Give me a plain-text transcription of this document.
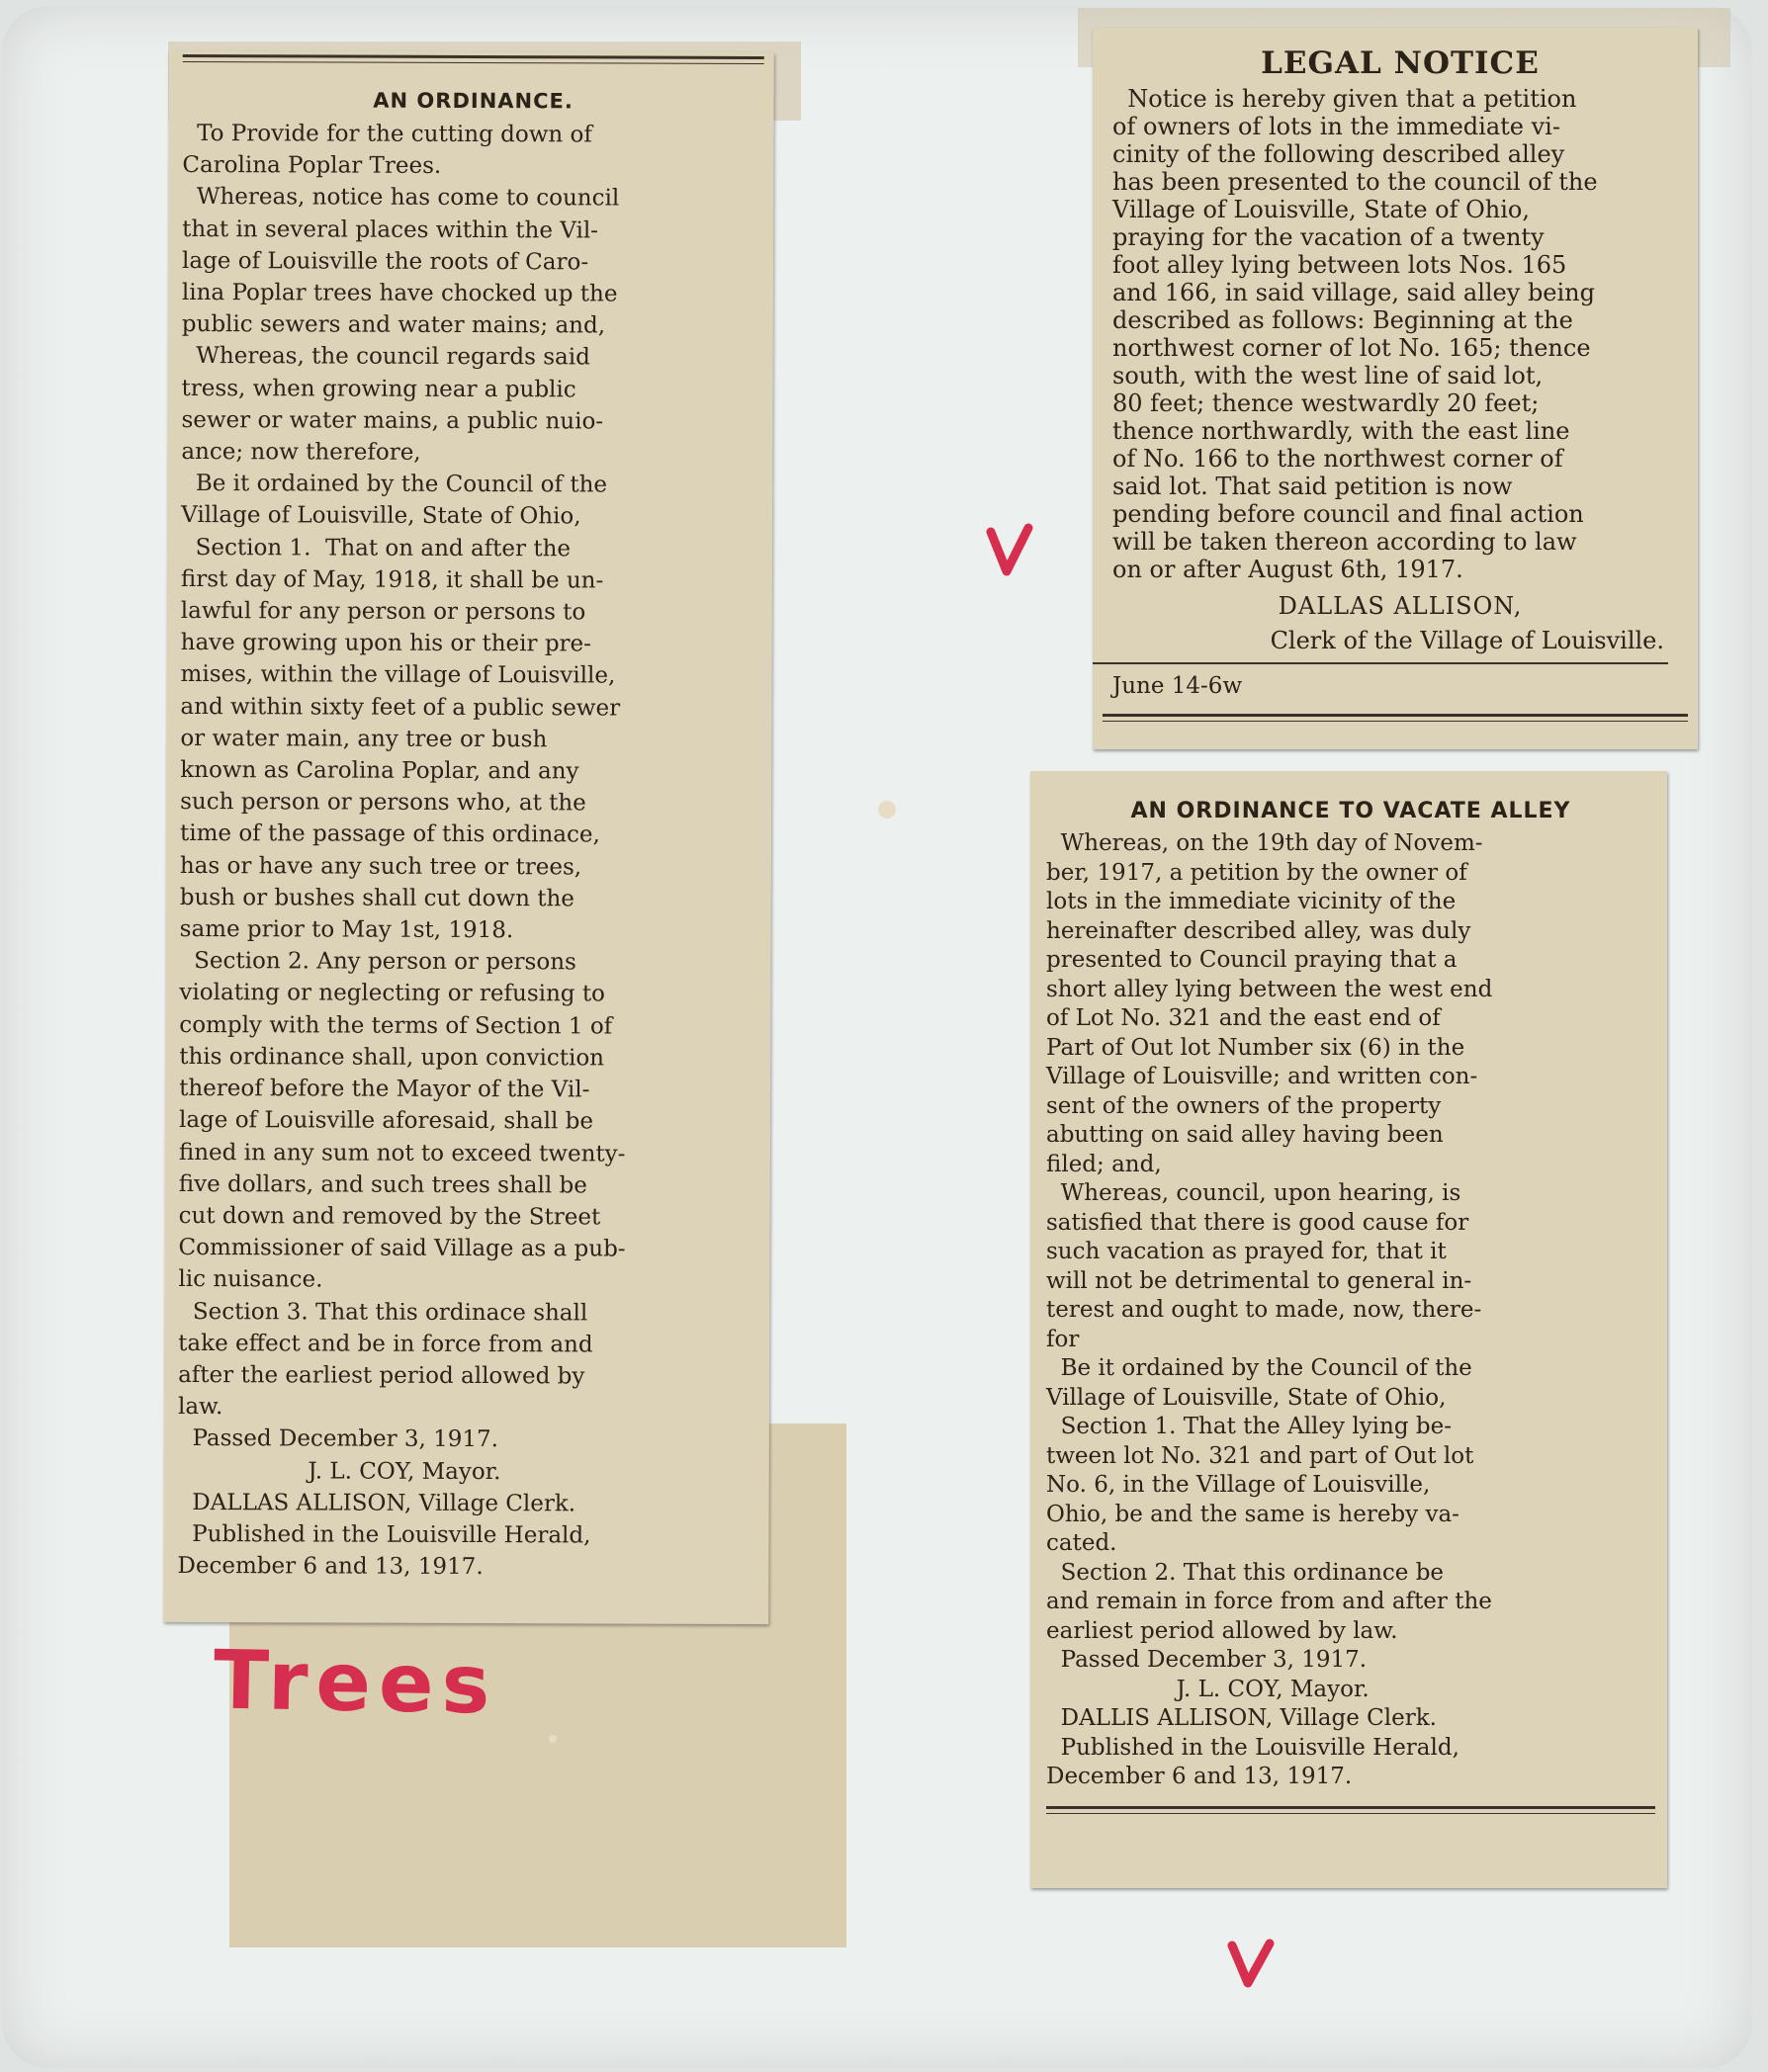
AN ORDINANCE.

To Provide for the cutting down of

Carolina Poplar Trees.

Whereas, notice has come to council

that in several places within the Vil-

lage of Louisville the roots of Caro-

lina Poplar trees have chocked up the

public sewers and water mains; and,

Whereas, the council regards said

tress, when growing near a public

sewer or water mains, a public nuio-

ance; now therefore,

Be it ordained by the Council of the

Village of Louisville, State of Ohio,

Section 1.  That on and after the

first day of May, 1918, it shall be un-

lawful for any person or persons to

have growing upon his or their pre-

mises, within the village of Louisville,

and within sixty feet of a public sewer

or water main, any tree or bush

known as Carolina Poplar, and any

such person or persons who, at the

time of the passage of this ordinace,

has or have any such tree or trees,

bush or bushes shall cut down the

same prior to May 1st, 1918.

Section 2. Any person or persons

violating or neglecting or refusing to

comply with the terms of Section 1 of

this ordinance shall, upon conviction

thereof before the Mayor of the Vil-

lage of Louisville aforesaid, shall be

fined in any sum not to exceed twenty-

five dollars, and such trees shall be

cut down and removed by the Street

Commissioner of said Village as a pub-

lic nuisance.

Section 3. That this ordinace shall

take effect and be in force from and

after the earliest period allowed by

law.

Passed December 3, 1917.

J. L. COY, Mayor.

DALLAS ALLISON, Village Clerk.

Published in the Louisville Herald,

December 6 and 13, 1917.

LEGAL NOTICE

Notice is hereby given that a petition

of owners of lots in the immediate vi-

cinity of the following described alley

has been presented to the council of the

Village of Louisville, State of Ohio,

praying for the vacation of a twenty

foot alley lying between lots Nos. 165

and 166, in said village, said alley being

described as follows: Beginning at the

northwest corner of lot No. 165; thence

south, with the west line of said lot,

80 feet; thence westwardly 20 feet;

thence northwardly, with the east line

of No. 166 to the northwest corner of

said lot. That said petition is now

pending before council and final action

will be taken thereon according to law

on or after August 6th, 1917.

DALLAS ALLISON,

Clerk of the Village of Louisville.

June 14-6w

AN ORDINANCE TO VACATE ALLEY

Whereas, on the 19th day of Novem-

ber, 1917, a petition by the owner of

lots in the immediate vicinity of the

hereinafter described alley, was duly

presented to Council praying that a

short alley lying between the west end

of Lot No. 321 and the east end of

Part of Out lot Number six (6) in the

Village of Louisville; and written con-

sent of the owners of the property

abutting on said alley having been

filed; and,

Whereas, council, upon hearing, is

satisfied that there is good cause for

such vacation as prayed for, that it

will not be detrimental to general in-

terest and ought to made, now, there-

for

Be it ordained by the Council of the

Village of Louisville, State of Ohio,

Section 1. That the Alley lying be-

tween lot No. 321 and part of Out lot

No. 6, in the Village of Louisville,

Ohio, be and the same is hereby va-

cated.

Section 2. That this ordinance be

and remain in force from and after the

earliest period allowed by law.

Passed December 3, 1917.

J. L. COY, Mayor.

DALLIS ALLISON, Village Clerk.

Published in the Louisville Herald,

December 6 and 13, 1917.

Trees
